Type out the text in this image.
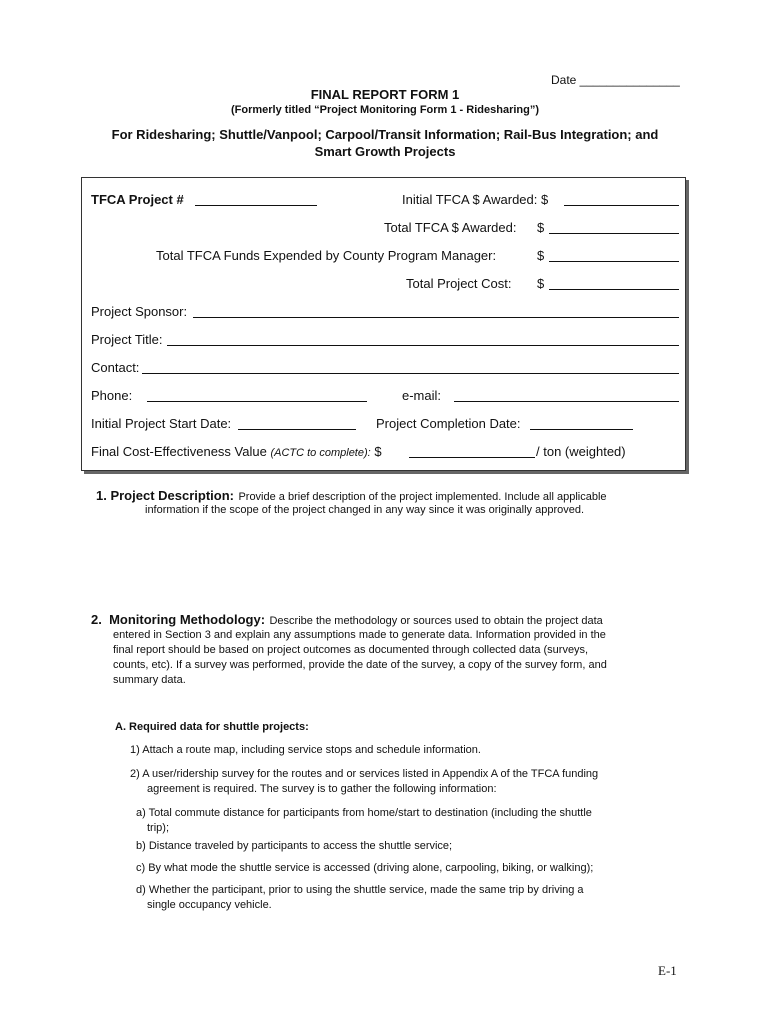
Date _______________
FINAL REPORT FORM 1
(Formerly titled “Project Monitoring Form 1 - Ridesharing”)
For Ridesharing; Shuttle/Vanpool; Carpool/Transit Information; Rail-Bus Integration; and
Smart Growth Projects
TFCA Project #	Initial TFCA $ Awarded: $
Total TFCA $ Awarded: $
Total TFCA Funds Expended by County Program Manager:	$
Total Project Cost: $
Project Sponsor:
Project Title:
Contact:
Phone:	e-mail:
Initial Project Start Date:	Project Completion Date:
Final Cost-Effectiveness Value (ACTC to complete): $	/ ton (weighted)
1. Project Description: Provide a brief description of the project implemented. Include all applicable
information if the scope of the project changed in any way since it was originally approved.
2.  Monitoring Methodology: Describe the methodology or sources used to obtain the project data
entered in Section 3 and explain any assumptions made to generate data. Information provided in the
final report should be based on project outcomes as documented through collected data (surveys,
counts, etc). If a survey was performed, provide the date of the survey, a copy of the survey form, and
summary data.
A. Required data for shuttle projects:
1) Attach a route map, including service stops and schedule information.
2) A user/ridership survey for the routes and or services listed in Appendix A of the TFCA funding
agreement is required. The survey is to gather the following information:
a) Total commute distance for participants from home/start to destination (including the shuttle
trip);
b) Distance traveled by participants to access the shuttle service;
c) By what mode the shuttle service is accessed (driving alone, carpooling, biking, or walking);
d) Whether the participant, prior to using the shuttle service, made the same trip by driving a
single occupancy vehicle.
E-1
